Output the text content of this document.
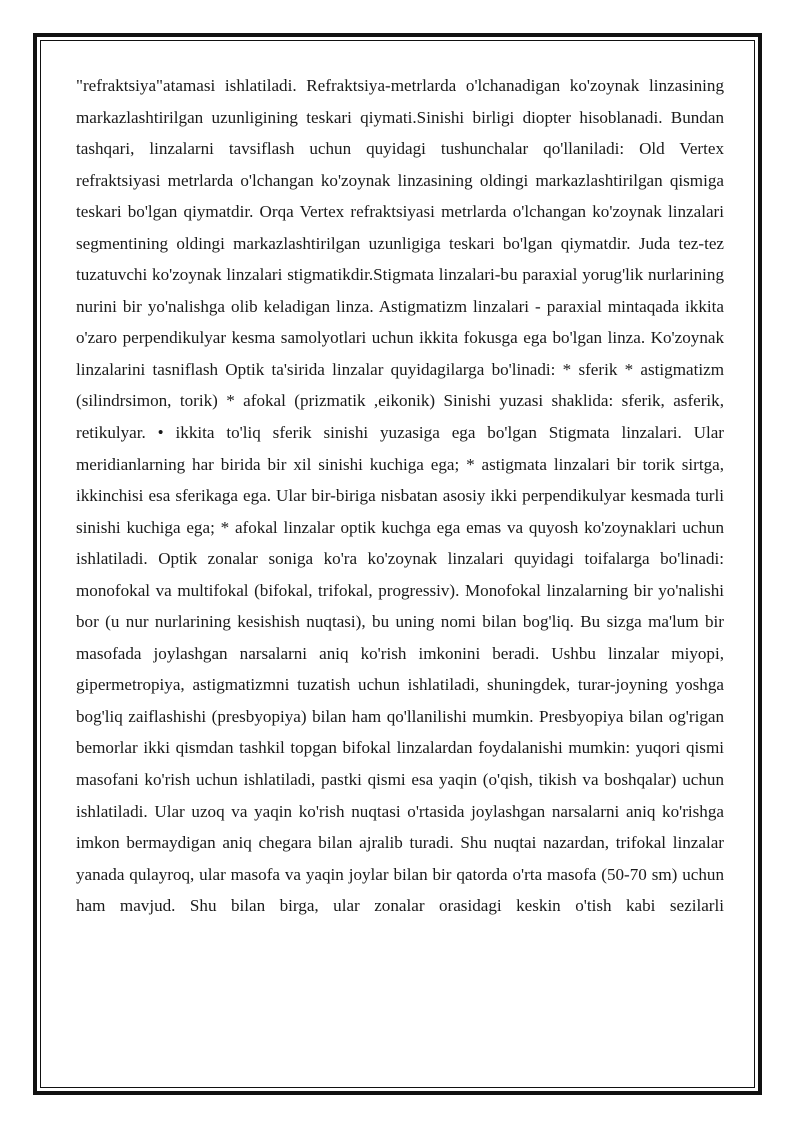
"refraktsiya"atamasi ishlatiladi. Refraktsiya-metrlarda o'lchanadigan ko'zoynak linzasining markazlashtirilgan uzunligining teskari qiymati.Sinishi birligi diopter hisoblanadi. Bundan tashqari, linzalarni tavsiflash uchun quyidagi tushunchalar qo'llaniladi: Old Vertex refraktsiyasi metrlarda o'lchangan ko'zoynak linzasining oldingi markazlashtirilgan qismiga teskari bo'lgan qiymatdir. Orqa Vertex refraktsiyasi metrlarda o'lchangan ko'zoynak linzalari segmentining oldingi markazlashtirilgan uzunligiga teskari bo'lgan qiymatdir. Juda tez-tez tuzatuvchi ko'zoynak linzalari stigmatikdir.Stigmata linzalari-bu paraxial yorug'lik nurlarining nurini bir yo'nalishga olib keladigan linza. Astigmatizm linzalari - paraxial mintaqada ikkita o'zaro perpendikulyar kesma samolyotlari uchun ikkita fokusga ega bo'lgan linza. Ko'zoynak linzalarini tasniflash Optik ta'sirida linzalar quyidagilarga bo'linadi: * sferik * astigmatizm (silindrsimon, torik) * afokal (prizmatik ,eikonik) Sinishi yuzasi shaklida: sferik, asferik, retikulyar. • ikkita to'liq sferik sinishi yuzasiga ega bo'lgan Stigmata linzalari. Ular meridianlarning har birida bir xil sinishi kuchiga ega; * astigmata linzalari bir torik sirtga, ikkinchisi esa sferikaga ega. Ular bir-biriga nisbatan asosiy ikki perpendikulyar kesmada turli sinishi kuchiga ega; * afokal linzalar optik kuchga ega emas va quyosh ko'zoynaklari uchun ishlatiladi. Optik zonalar soniga ko'ra ko'zoynak linzalari quyidagi toifalarga bo'linadi: monofokal va multifokal (bifokal, trifokal, progressiv). Monofokal linzalarning bir yo'nalishi bor (u nur nurlarining kesishish nuqtasi), bu uning nomi bilan bog'liq. Bu sizga ma'lum bir masofada joylashgan narsalarni aniq ko'rish imkonini beradi. Ushbu linzalar miyopi, gipermetropiya, astigmatizmni tuzatish uchun ishlatiladi, shuningdek, turar-joyning yoshga bog'liq zaiflashishi (presbyopiya) bilan ham qo'llanilishi mumkin. Presbyopiya bilan og'rigan bemorlar ikki qismdan tashkil topgan bifokal linzalardan foydalanishi mumkin: yuqori qismi masofani ko'rish uchun ishlatiladi, pastki qismi esa yaqin (o'qish, tikish va boshqalar) uchun ishlatiladi. Ular uzoq va yaqin ko'rish nuqtasi o'rtasida joylashgan narsalarni aniq ko'rishga imkon bermaydigan aniq chegara bilan ajralib turadi. Shu nuqtai nazardan, trifokal linzalar yanada qulayroq, ular masofa va yaqin joylar bilan bir qatorda o'rta masofa (50-70 sm) uchun ham mavjud. Shu bilan birga, ular zonalar orasidagi keskin o'tish kabi sezilarli
